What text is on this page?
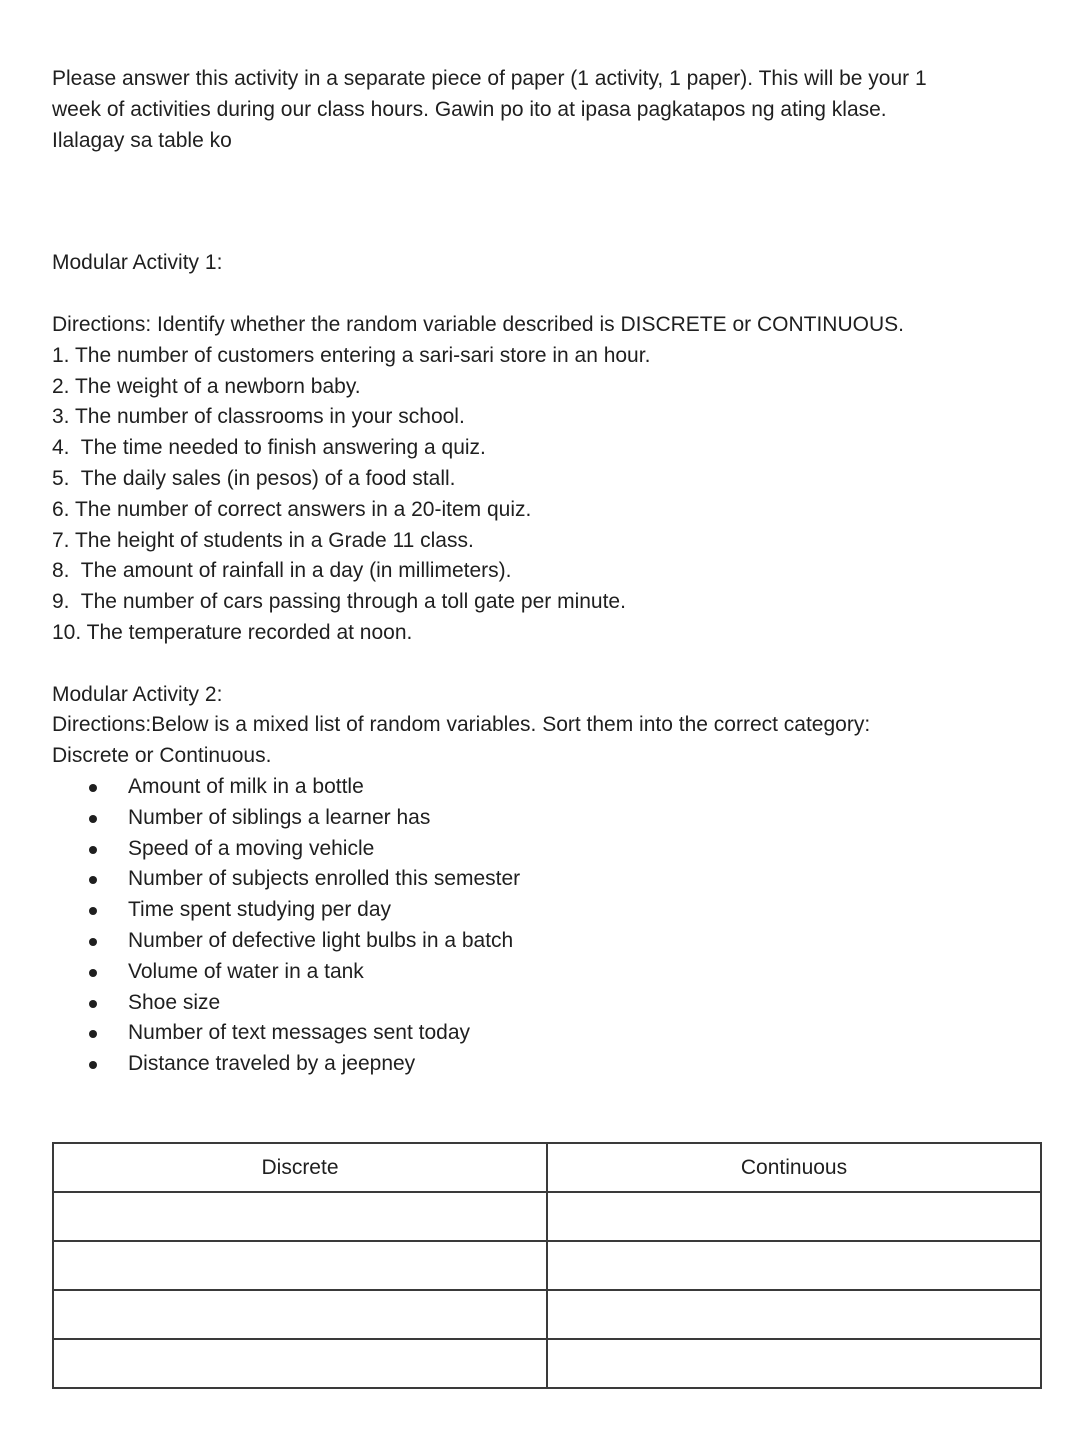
Please answer this activity in a separate piece of paper (1 activity, 1 paper). This will be your 1
week of activities during our class hours. Gawin po ito at ipasa pagkatapos ng ating klase.
Ilalagay sa table ko
Modular Activity 1:
Directions: Identify whether the random variable described is DISCRETE or CONTINUOUS.
1. The number of customers entering a sari-sari store in an hour.
2. The weight of a newborn baby.
3. The number of classrooms in your school.
4.  The time needed to finish answering a quiz.
5.  The daily sales (in pesos) of a food stall.
6. The number of correct answers in a 20-item quiz.
7. The height of students in a Grade 11 class.
8.  The amount of rainfall in a day (in millimeters).
9.  The number of cars passing through a toll gate per minute.
10. The temperature recorded at noon.
Modular Activity 2:
Directions:Below is a mixed list of random variables. Sort them into the correct category:
Discrete or Continuous.
Amount of milk in a bottle
Number of siblings a learner has
Speed of a moving vehicle
Number of subjects enrolled this semester
Time spent studying per day
Number of defective light bulbs in a batch
Volume of water in a tank
Shoe size
Number of text messages sent today
Distance traveled by a jeepney
Discrete	Continuous
